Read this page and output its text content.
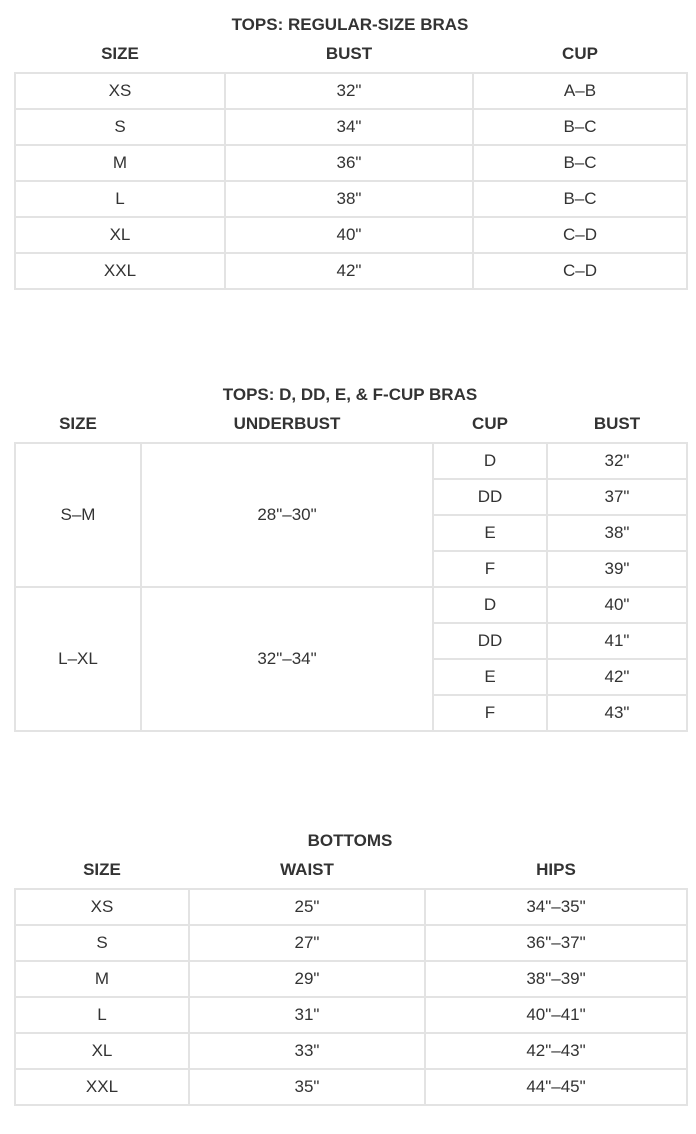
TOPS: REGULAR-SIZE BRAS
SIZE	BUST	CUP
XS	32"	A–B
S	34"	B–C
M	36"	B–C
L	38"	B–C
XL	40"	C–D
XXL	42"	C–D
TOPS: D, DD, E, & F-CUP BRAS
SIZE	UNDERBUST	CUP	BUST
S–M	28"–30"	D	32"
		DD	37"
		E	38"
		F	39"
L–XL	32"–34"	D	40"
		DD	41"
		E	42"
		F	43"
BOTTOMS
SIZE	WAIST	HIPS
XS	25"	34"–35"
S	27"	36"–37"
M	29"	38"–39"
L	31"	40"–41"
XL	33"	42"–43"
XXL	35"	44"–45"
